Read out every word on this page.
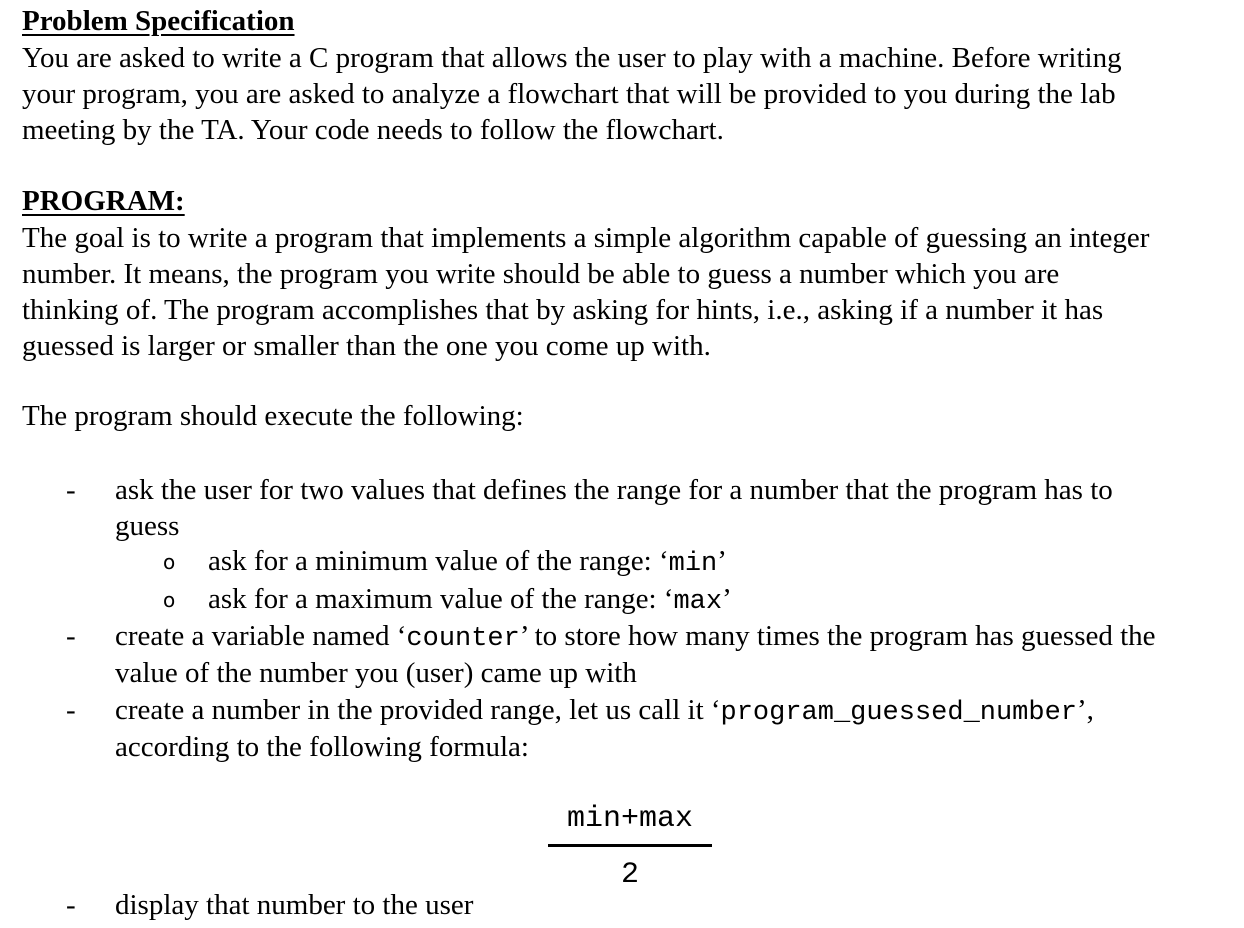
Problem Specification
You are asked to write a C program that allows the user to play with a machine. Before writing
your program, you are asked to analyze a flowchart that will be provided to you during the lab
meeting by the TA. Your code needs to follow the flowchart.
PROGRAM:
The goal is to write a program that implements a simple algorithm capable of guessing an integer
number. It means, the program you write should be able to guess a number which you are
thinking of. The program accomplishes that by asking for hints, i.e., asking if a number it has
guessed is larger or smaller than the one you come up with.
The program should execute the following:
- ask the user for two values that defines the range for a number that the program has to
guess
o ask for a minimum value of the range: ‘min’
o ask for a maximum value of the range: ‘max’
- create a variable named ‘counter’ to store how many times the program has guessed the
value of the number you (user) came up with
- create a number in the provided range, let us call it ‘program_guessed_number’,
according to the following formula:
min+max
2
- display that number to the user
